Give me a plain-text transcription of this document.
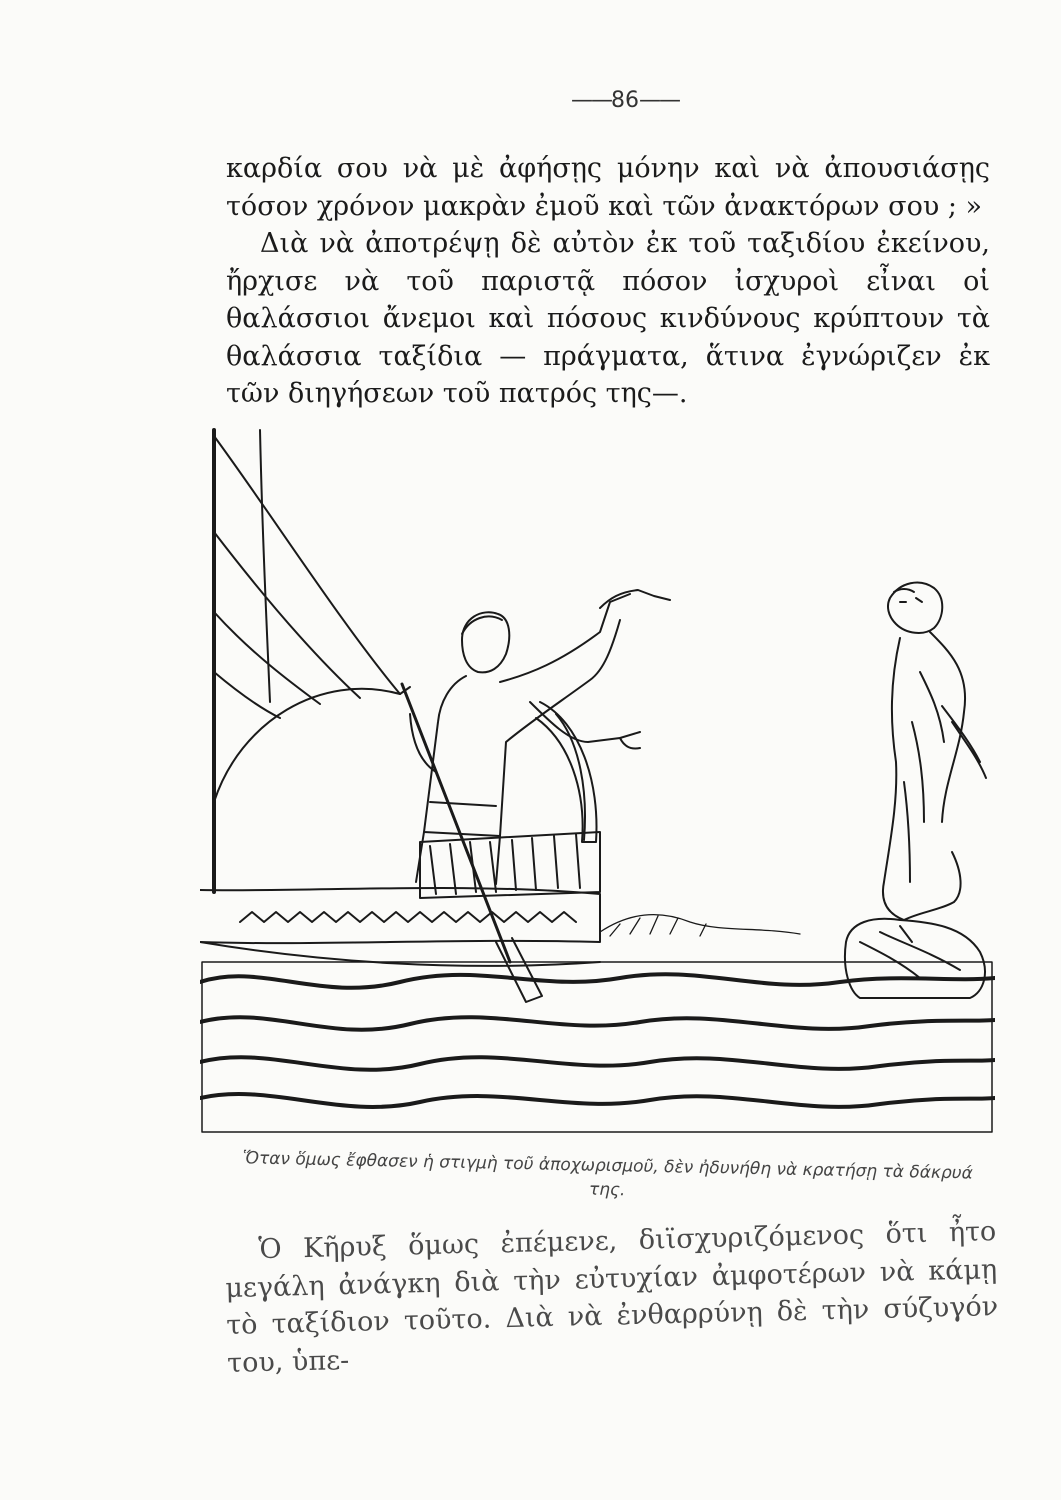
——86——

καρδία σου νὰ μὲ ἀφήσῃς μόνην καὶ νὰ ἀπουσιάσῃς τόσον χρόνον μακρὰν ἐμοῦ καὶ τῶν ἀνακτόρων σου ; »

Διὰ νὰ ἀποτρέψῃ δὲ αὐτὸν ἐκ τοῦ ταξιδίου ἐκείνου, ἤρχισε νὰ τοῦ παριστᾷ πόσον ἰσχυροὶ εἶναι οἱ θαλάσσιοι ἄνεμοι καὶ πόσους κινδύνους κρύπτουν τὰ θαλάσσια ταξίδια — πράγματα, ἅτινα ἐγνώριζεν ἐκ τῶν διηγήσεων τοῦ πατρός της—.

Ὅταν ὅμως ἔφθασεν ἡ στιγμὴ τοῦ ἀποχωρισμοῦ, δὲν ἠδυνήθη νὰ κρατήσῃ τὰ δάκρυά της.

Ὁ Κῆρυξ ὅμως ἐπέμενε, διϊσχυριζόμενος ὅτι ἦτο μεγάλη ἀνάγκη διὰ τὴν εὐτυχίαν ἀμφοτέρων νὰ κάμῃ τὸ ταξίδιον τοῦτο. Διὰ νὰ ἐνθαρρύνῃ δὲ τὴν σύζυγόν του, ὑπε-
